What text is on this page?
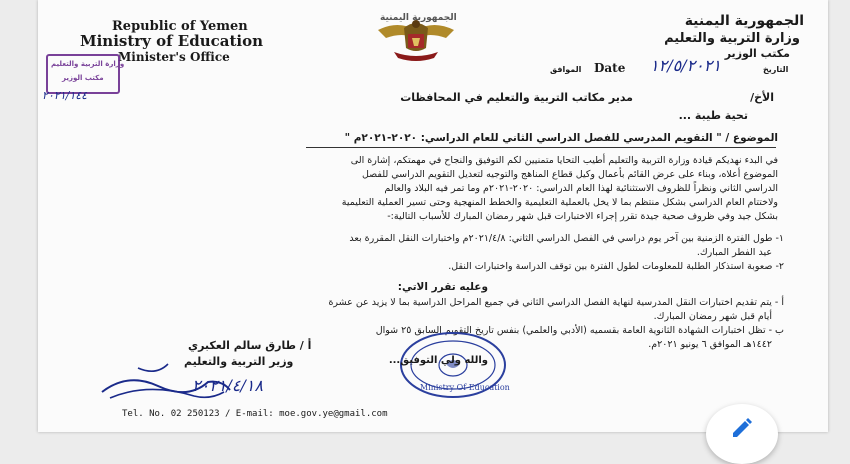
Republic of Yemen
Ministry of Education
Minister's Office
وزارة التربية والتعليم
مكتب الوزير
٢٠٢١/١٤٤
الجمهورية اليمنية	الجمهورية اليمنية
وزارة التربية والتعليم
مكتب الوزير
الموافق Date ١٢/٥/٢٠٢١	التاريخ
الأخ/
مدير مكاتب التربية والتعليم في المحافظات
تحية طيبة ...
الموضوع / " التقويم المدرسي للفصل الدراسي الثاني للعام الدراسي: ٢٠٢٠-٢٠٢١م "
في البدء نهديكم قيادة وزارة التربية والتعليم أطيب التحايا متمنيين لكم التوفيق والنجاح في مهمتكم، إشارة الى
الموضوع أعلاه، وبناء على عرض القائم بأعمال وكيل قطاع المناهج والتوجيه لتعديل التقويم الدراسي للفصل
الدراسي الثاني ونظراً للظروف الاستثنائية لهذا العام الدراسي: ٢٠٢٠-٢٠٢١م وما تمر فيه البلاد والعالم
ولاختتام العام الدراسي بشكل منتظم بما لا يخل بالعملية التعليمية والخطط المنهجية وحتى تسير العملية التعليمية
بشكل جيد وفي ظروف صحية جيدة تقرر إجراء الاختبارات قبل شهر رمضان المبارك للأسباب التالية:-
١- طول الفترة الزمنية بين آخر يوم دراسي في الفصل الدراسي الثاني: ٢٠٢١/٤/٨م واختبارات النقل المقررة بعد
عيد الفطر المبارك.
٢- صعوبة استذكار الطلبة للمعلومات لطول الفترة بين توقف الدراسة واختبارات النقل.
وعليه تقرر الاتي:
أ - يتم تقديم اختبارات النقل المدرسية لنهاية الفصل الدراسي الثاني في جميع المراحل الدراسية بما لا يزيد عن عشرة
أيام قبل شهر رمضان المبارك.
ب - تظل اختبارات الشهادة الثانوية العامة بقسميه (الأدبي والعلمي) بنفس تاريخ التقويم السابق ٢٥ شوال
١٤٤٢هـ الموافق ٦ يونيو ٢٠٢١م.
أ / طارق سالم العكبري
وزير التربية والتعليم
٢٠٢١/٤/١٨	Ministry Of Education
والله ولي التوفيق...
Tel. No. 02 250123 / E-mail: moe.gov.ye@gmail.com
